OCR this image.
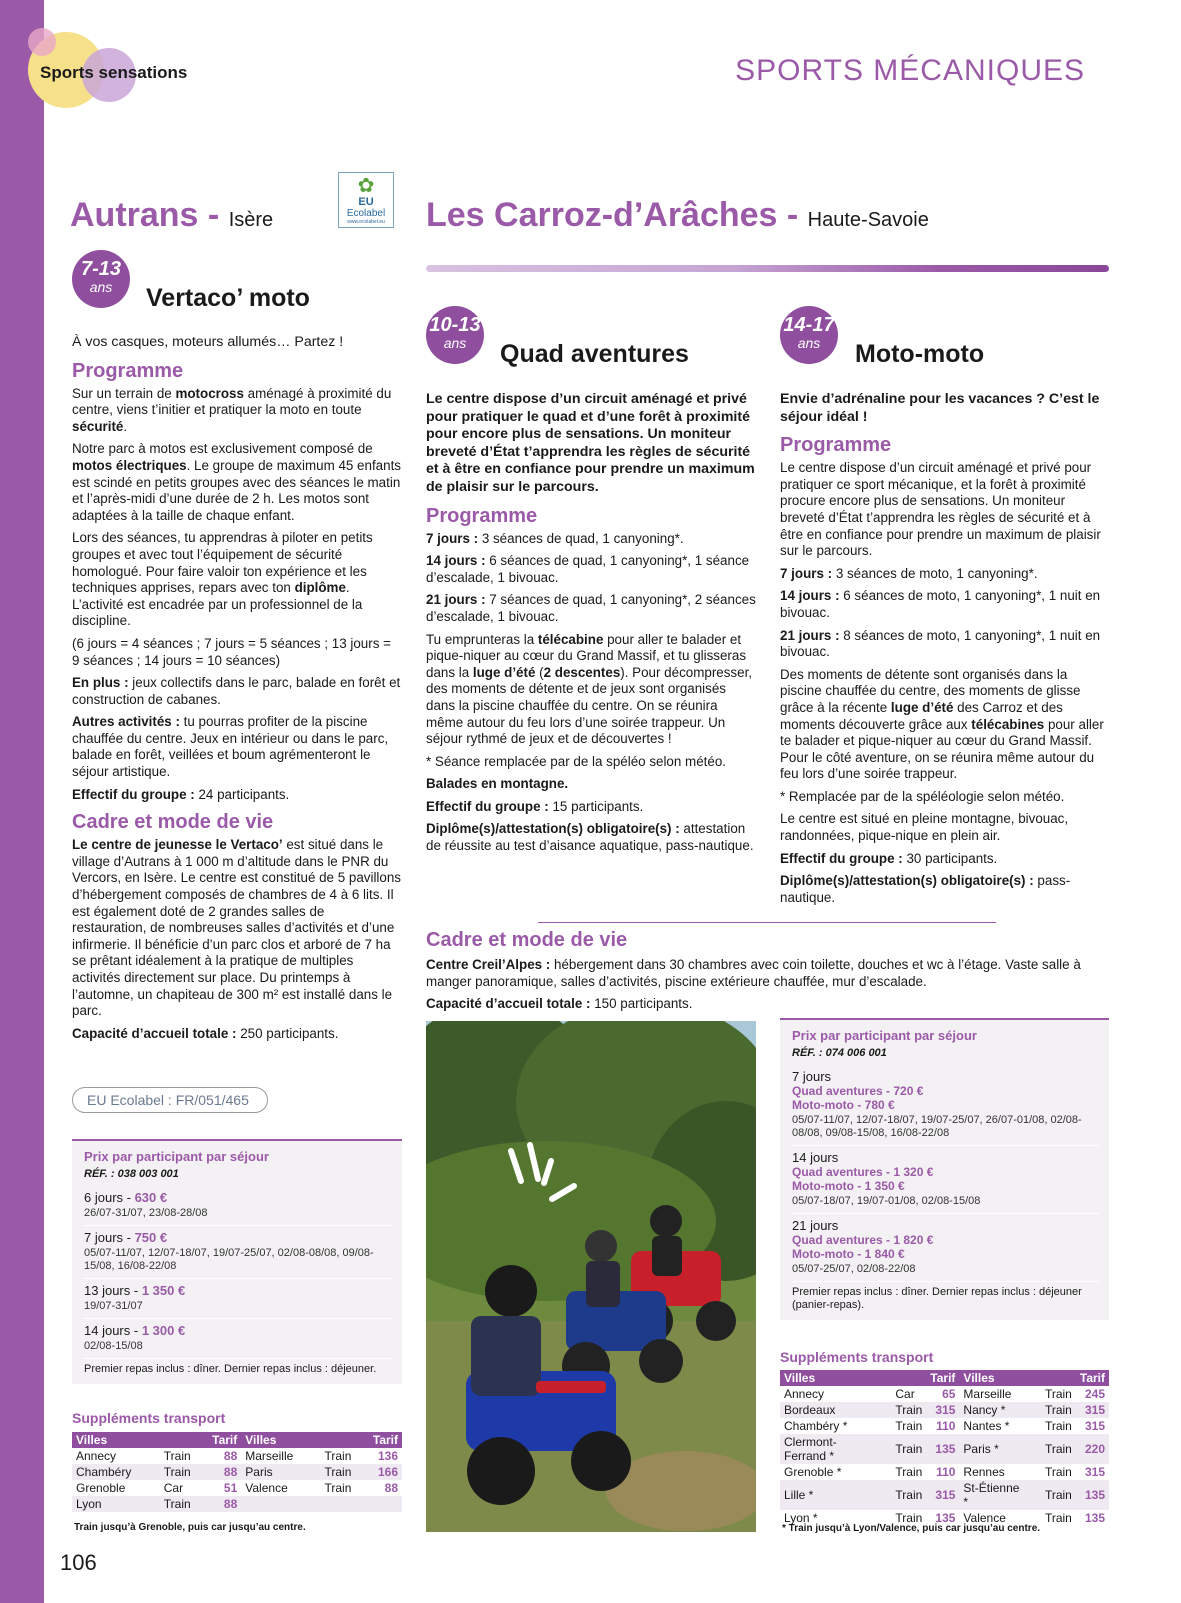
Sports sensations	SPORTS MÉCANIQUES
Autrans - Isère
✿
EU
Ecolabel
www.ecolabel.eu
7-13
ans	Vertaco’ moto

À vos casques, moteurs allumés… Partez !

Programme

Sur un terrain de motocross aménagé à proximité du centre, viens t’initier et pratiquer la moto en toute sécurité.

Notre parc à motos est exclusivement composé de motos électriques. Le groupe de maximum 45 enfants est scindé en petits groupes avec des séances le matin et l’après-midi d’une durée de 2 h. Les motos sont adaptées à la taille de chaque enfant.

Lors des séances, tu apprendras à piloter en petits groupes et avec tout l’équipement de sécurité homologué. Pour faire valoir ton expérience et les techniques apprises, repars avec ton diplôme. L’activité est encadrée par un professionnel de la discipline.

(6 jours = 4 séances ; 7 jours = 5 séances ; 13 jours = 9 séances ; 14 jours = 10 séances)

En plus : jeux collectifs dans le parc, balade en forêt et construction de cabanes.

Autres activités : tu pourras profiter de la piscine chauffée du centre. Jeux en intérieur ou dans le parc, balade en forêt, veillées et boum agrémenteront le séjour artistique.

Effectif du groupe : 24 participants.

Cadre et mode de vie

Le centre de jeunesse le Vertaco’ est situé dans le village d’Autrans à 1 000 m d’altitude dans le PNR du Vercors, en Isère. Le centre est constitué de 5 pavillons d’hébergement composés de chambres de 4 à 6 lits. Il est également doté de 2 grandes salles de restauration, de nombreuses salles d’activités et d’une infirmerie. Il bénéficie d’un parc clos et arboré de 7 ha se prêtant idéalement à la pratique de multiples activités directement sur place. Du printemps à l’automne, un chapiteau de 300 m² est installé dans le parc.

Capacité d’accueil totale : 250 participants.

EU Ecolabel : FR/051/465
Prix par participant par séjour
RÉF. : 038 003 001
6 jours - 630 €
26/07-31/07, 23/08-28/08
7 jours - 750 €
05/07-11/07, 12/07-18/07, 19/07-25/07, 02/08-08/08, 09/08-15/08, 16/08-22/08
13 jours - 1 350 €
19/07-31/07
14 jours - 1 300 €
02/08-15/08
Premier repas inclus : dîner. Dernier repas inclus : déjeuner.
Suppléments transport
Villes		Tarif	Villes		Tarif
Annecy	Train	88	Marseille	Train	136
Chambéry	Train	88	Paris	Train	166
Grenoble	Car	51	Valence	Train	88
Lyon	Train	88			
Train jusqu’à Grenoble, puis car jusqu’au centre.
Les Carroz-d’Arâches - Haute-Savoie
10-13
ans	Quad aventures
14-17
ans	Moto-moto

Le centre dispose d’un circuit aménagé et privé pour pratiquer le quad et d’une forêt à proximité pour encore plus de sensations. Un moniteur breveté d’État t’apprendra les règles de sécurité et à être en confiance pour prendre un maximum de plaisir sur le parcours.

Programme

7 jours : 3 séances de quad, 1 canyoning*.

14 jours : 6 séances de quad, 1 canyoning*, 1 séance d’escalade, 1 bivouac.

21 jours : 7 séances de quad, 1 canyoning*, 2 séances d’escalade, 1 bivouac.

Tu emprunteras la télécabine pour aller te balader et pique-niquer au cœur du Grand Massif, et tu glisseras dans la luge d’été (2 descentes). Pour décompresser, des moments de détente et de jeux sont organisés dans la piscine chauffée du centre. On se réunira même autour du feu lors d’une soirée trappeur. Un séjour rythmé de jeux et de découvertes !

* Séance remplacée par de la spéléo selon météo.

Balades en montagne.

Effectif du groupe : 15 participants.

Diplôme(s)/attestation(s) obligatoire(s) : attestation de réussite au test d’aisance aquatique, pass-nautique.

Envie d’adrénaline pour les vacances ? C’est le séjour idéal !

Programme

Le centre dispose d’un circuit aménagé et privé pour pratiquer ce sport mécanique, et la forêt à proximité procure encore plus de sensations. Un moniteur breveté d’État t’apprendra les règles de sécurité et à être en confiance pour prendre un maximum de plaisir sur le parcours.

7 jours : 3 séances de moto, 1 canyoning*.

14 jours : 6 séances de moto, 1 canyoning*, 1 nuit en bivouac.

21 jours : 8 séances de moto, 1 canyoning*, 1 nuit en bivouac.

Des moments de détente sont organisés dans la piscine chauffée du centre, des moments de glisse grâce à la récente luge d’été des Carroz et des moments découverte grâce aux télécabines pour aller te balader et pique-niquer au cœur du Grand Massif. Pour le côté aventure, on se réunira même autour du feu lors d’une soirée trappeur.

* Remplacée par de la spéléologie selon météo.

Le centre est situé en pleine montagne, bivouac, randonnées, pique-nique en plein air.

Effectif du groupe : 30 participants.

Diplôme(s)/attestation(s) obligatoire(s) : pass-nautique.

Cadre et mode de vie

Centre Creil’Alpes : hébergement dans 30 chambres avec coin toilette, douches et wc à l’étage. Vaste salle à manger panoramique, salles d’activités, piscine extérieure chauffée, mur d’escalade.

Capacité d’accueil totale : 150 participants.

Prix par participant par séjour
RÉF. : 074 006 001
7 jours
Quad aventures - 720 €
Moto-moto - 780 €
05/07-11/07, 12/07-18/07, 19/07-25/07, 26/07-01/08, 02/08-08/08, 09/08-15/08, 16/08-22/08
14 jours
Quad aventures - 1 320 €
Moto-moto - 1 350 €
05/07-18/07, 19/07-01/08, 02/08-15/08
21 jours
Quad aventures - 1 820 €
Moto-moto - 1 840 €
05/07-25/07, 02/08-22/08
Premier repas inclus : dîner. Dernier repas inclus : déjeuner (panier-repas).
Suppléments transport
Villes		Tarif	Villes		Tarif
Annecy	Car	65	Marseille	Train	245
Bordeaux	Train	315	Nancy *	Train	315
Chambéry *	Train	110	Nantes *	Train	315
Clermont-Ferrand *	Train	135	Paris *	Train	220
Grenoble *	Train	110	Rennes	Train	315
Lille *	Train	315	St-Étienne *	Train	135
Lyon *	Train	135	Valence	Train	135
* Train jusqu’à Lyon/Valence, puis car jusqu’au centre.
106
